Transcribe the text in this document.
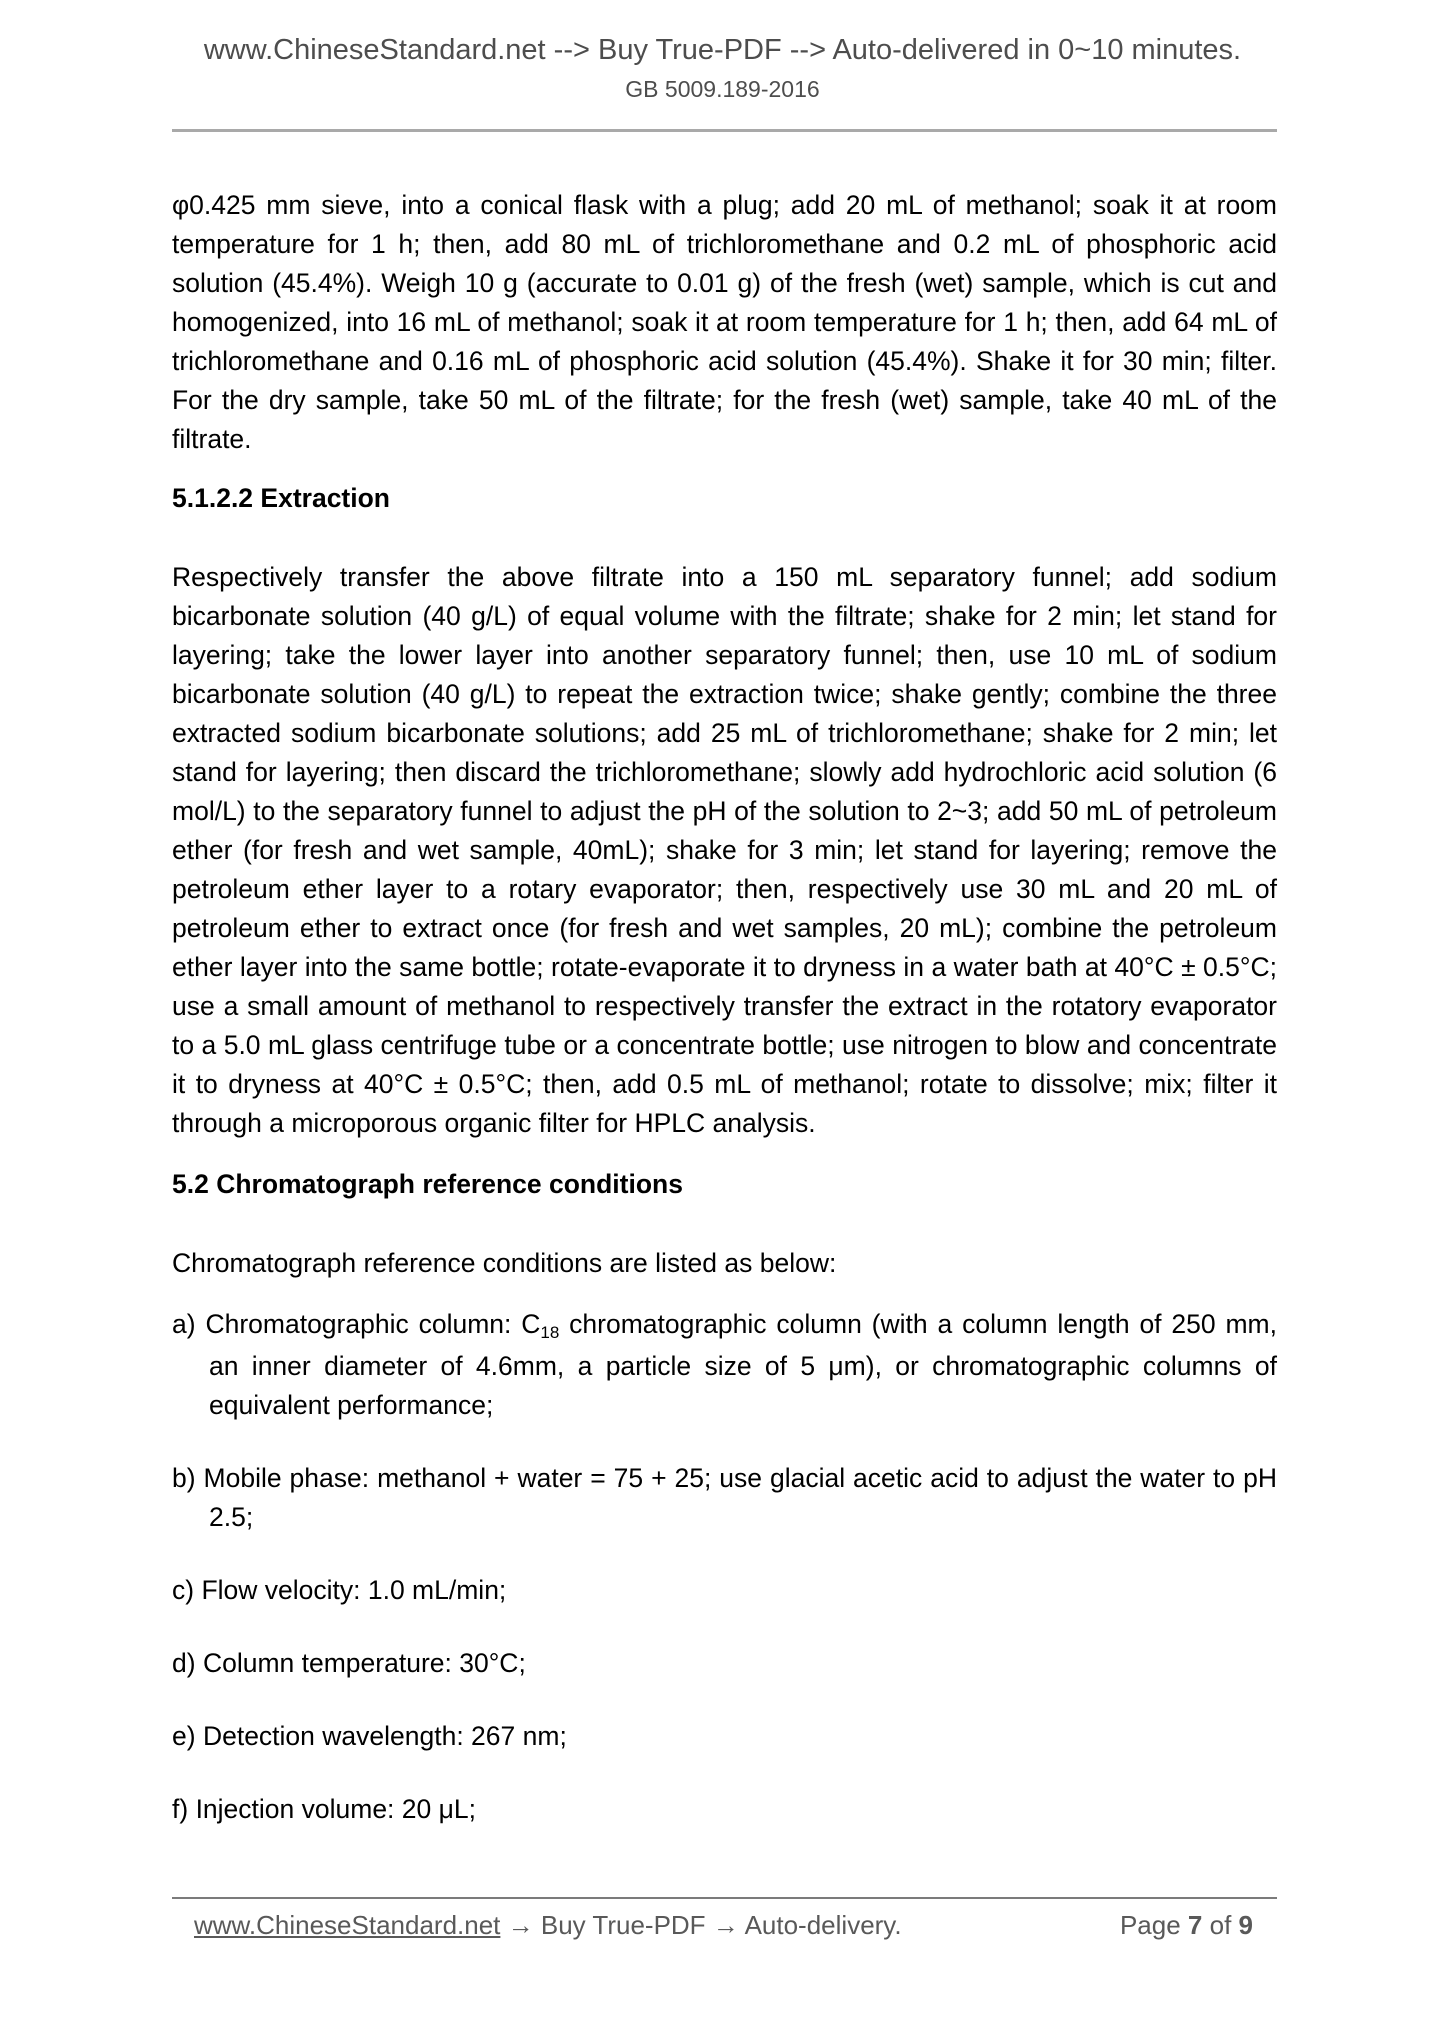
www.ChineseStandard.net --> Buy True-PDF --> Auto-delivered in 0~10 minutes.
GB 5009.189-2016

φ0.425 mm sieve, into a conical flask with a plug; add 20 mL of methanol; soak it at room temperature for 1 h; then, add 80 mL of trichloromethane and 0.2 mL of phosphoric acid solution (45.4%). Weigh 10 g (accurate to 0.01 g) of the fresh (wet) sample, which is cut and homogenized, into 16 mL of methanol; soak it at room temperature for 1 h; then, add 64 mL of trichloromethane and 0.16 mL of phosphoric acid solution (45.4%). Shake it for 30 min; filter. For the dry sample, take 50 mL of the filtrate; for the fresh (wet) sample, take 40 mL of the filtrate.

5.1.2.2 Extraction

Respectively transfer the above filtrate into a 150 mL separatory funnel; add sodium bicarbonate solution (40 g/L) of equal volume with the filtrate; shake for 2 min; let stand for layering; take the lower layer into another separatory funnel; then, use 10 mL of sodium bicarbonate solution (40 g/L) to repeat the extraction twice; shake gently; combine the three extracted sodium bicarbonate solutions; add 25 mL of trichloromethane; shake for 2 min; let stand for layering; then discard the trichloromethane; slowly add hydrochloric acid solution (6 mol/L) to the separatory funnel to adjust the pH of the solution to 2~3; add 50 mL of petroleum ether (for fresh and wet sample, 40mL); shake for 3 min; let stand for layering; remove the petroleum ether layer to a rotary evaporator; then, respectively use 30 mL and 20 mL of petroleum ether to extract once (for fresh and wet samples, 20 mL); combine the petroleum ether layer into the same bottle; rotate-evaporate it to dryness in a water bath at 40°C ± 0.5°C; use a small amount of methanol to respectively transfer the extract in the rotatory evaporator to a 5.0 mL glass centrifuge tube or a concentrate bottle; use nitrogen to blow and concentrate it to dryness at 40°C ± 0.5°C; then, add 0.5 mL of methanol; rotate to dissolve; mix; filter it through a microporous organic filter for HPLC analysis.

5.2 Chromatograph reference conditions

Chromatograph reference conditions are listed as below:

a) Chromatographic column: C18 chromatographic column (with a column length of 250 mm, an inner diameter of 4.6mm, a particle size of 5 μm), or chromatographic columns of equivalent performance;
b) Mobile phase: methanol + water = 75 + 25; use glacial acetic acid to adjust the water to pH 2.5;
c) Flow velocity: 1.0 mL/min;
d) Column temperature: 30°C;
e) Detection wavelength: 267 nm;
f) Injection volume: 20 μL;
www.ChineseStandard.net → Buy True-PDF → Auto-delivery.	Page 7 of 9
